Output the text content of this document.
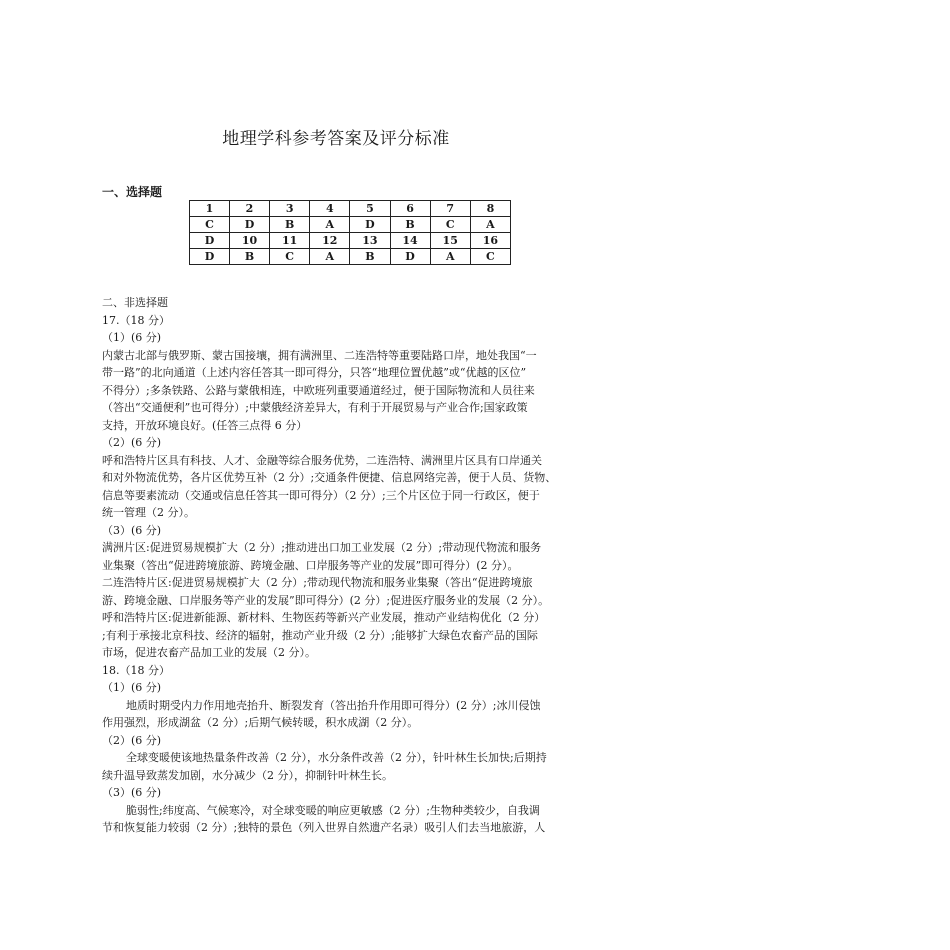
地理学科参考答案及评分标准
一、选择题
1	2	3	4	5	6	7	8
C	D	B	A	D	B	C	A
D	10	11	12	13	14	15	16
D	B	C	A	B	D	A	C
二、非选择题
17.（18 分）
（1）(6 分)
内蒙古北部与俄罗斯、蒙古国接壤，拥有满洲里、二连浩特等重要陆路口岸，地处我国“一
带一路”的北向通道（上述内容任答其一即可得分，只答“地理位置优越”或“优越的区位”
不得分）;多条铁路、公路与蒙俄相连，中欧班列重要通道经过，便于国际物流和人员往来
（答出“交通便利”也可得分）;中蒙俄经济差异大，有利于开展贸易与产业合作;国家政策
支持，开放环境良好。(任答三点得 6 分）
（2）(6 分)
呼和浩特片区具有科技、人才、金融等综合服务优势，二连浩特、满洲里片区具有口岸通关
和对外物流优势，各片区优势互补（2 分）;交通条件便捷、信息网络完善，便于人员、货物、
信息等要素流动（交通或信息任答其一即可得分）（2 分）;三个片区位于同一行政区，便于
统一管理（2 分）。
（3）(6 分)
满洲片区:促进贸易规模扩大（2 分）;推动进出口加工业发展（2 分）;带动现代物流和服务
业集聚（答出“促进跨境旅游、跨境金融、口岸服务等产业的发展”即可得分）(2 分）。
二连浩特片区:促进贸易规模扩大（2 分）;带动现代物流和服务业集聚（答出“促进跨境旅
游、跨境金融、口岸服务等产业的发展”即可得分）(2 分）;促进医疗服务业的发展（2 分）。
呼和浩特片区:促进新能源、新材料、生物医药等新兴产业发展，推动产业结构优化（2 分）
;有利于承接北京科技、经济的辐射，推动产业升级（2 分）;能够扩大绿色农畜产品的国际
市场，促进农畜产品加工业的发展（2 分）。
18.（18 分）
（1）(6 分)
地质时期受内力作用地壳抬升、断裂发育（答出抬升作用即可得分）(2 分）;冰川侵蚀
作用强烈，形成湖盆（2 分）;后期气候转暖，积水成湖（2 分）。
（2）(6 分)
全球变暖使该地热量条件改善（2 分），水分条件改善（2 分），针叶林生长加快;后期持
续升温导致蒸发加剧，水分减少（2 分），抑制针叶林生长。
（3）(6 分)
脆弱性;纬度高、气候寒冷，对全球变暖的响应更敏感（2 分）;生物种类较少，自我调
节和恢复能力较弱（2 分）;独特的景色（列入世界自然遗产名录）吸引人们去当地旅游，人
